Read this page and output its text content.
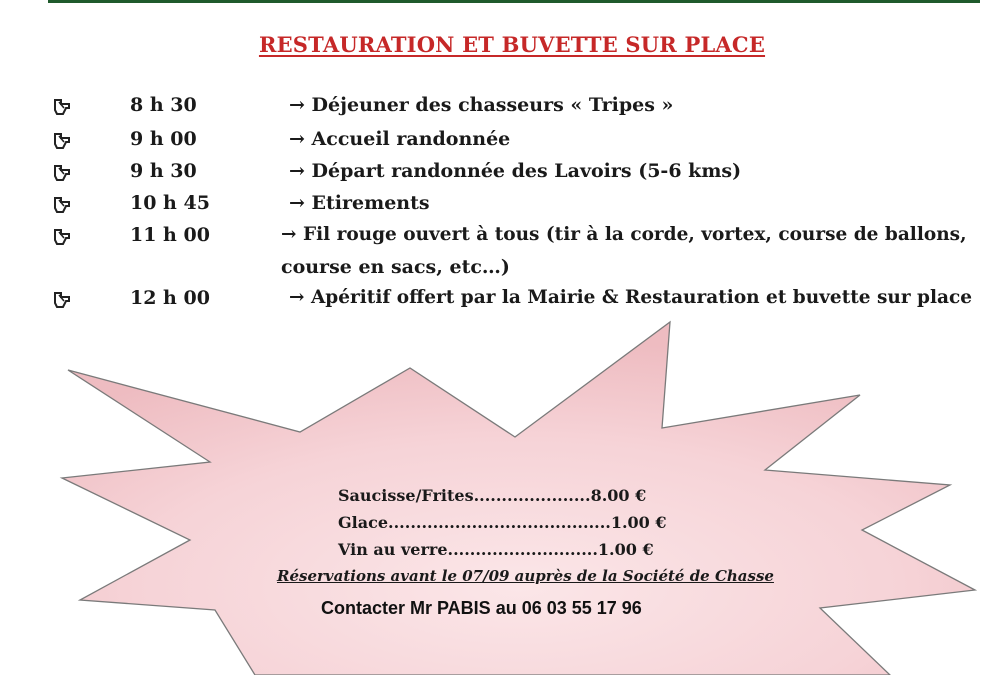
RESTAURATION ET BUVETTE SUR PLACE
8 h 30	→ Déjeuner des chasseurs « Tripes »
9 h 00	→ Accueil randonnée
9 h 30	→ Départ randonnée des Lavoirs (5-6 kms)
10 h 45	→ Etirements
11 h 00	→ Fil rouge ouvert à tous (tir à la corde, vortex, course de ballons,
course en sacs, etc…)
12 h 00	→ Apéritif offert par la Mairie & Restauration et buvette sur place
Saucisse/Frites.....................8.00 €
Glace........................................1.00 €
Vin au verre...........................1.00 €
Réservations avant le 07/09 auprès de la Société de Chasse
Contacter Mr PABIS au 06 03 55 17 96
